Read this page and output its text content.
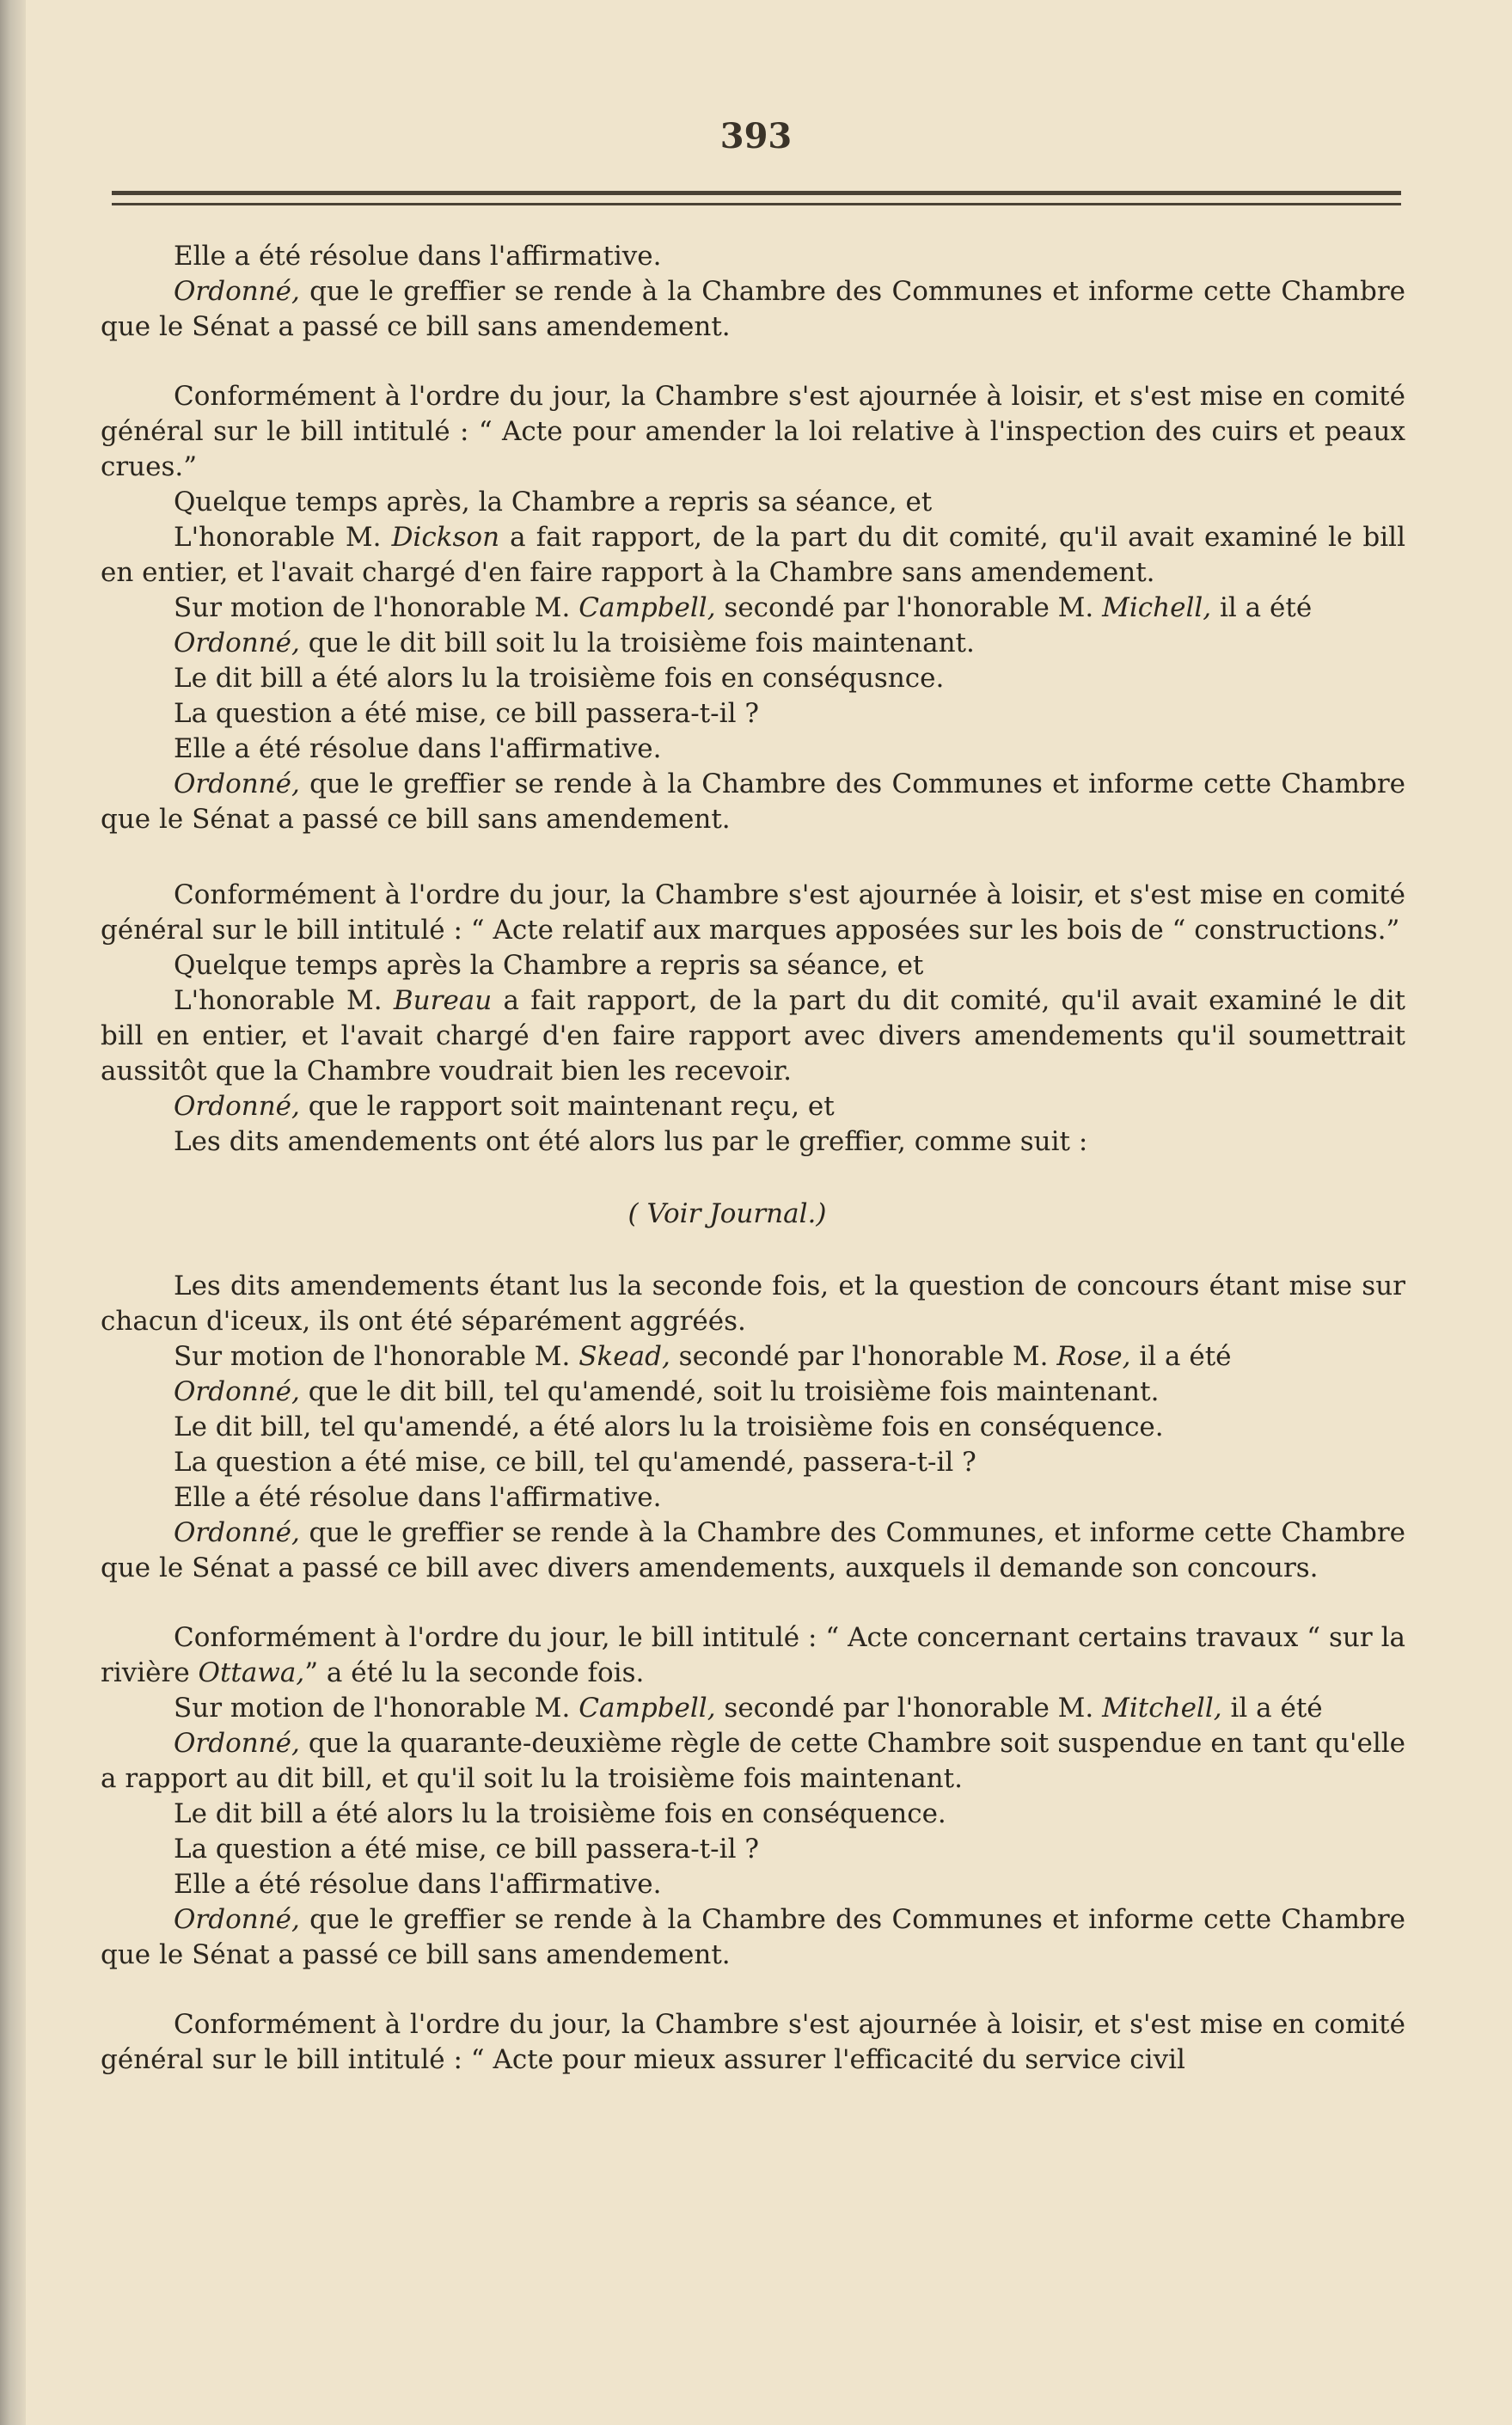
393

Elle a été résolue dans l'affirmative.

Ordonné, que le greffier se rende à la Chambre des Communes et informe cette Chambre que le Sénat a passé ce bill sans amendement.

Conformément à l'ordre du jour, la Chambre s'est ajournée à loisir, et s'est mise en comité général sur le bill intitulé : “ Acte pour amender la loi relative à l'inspection des cuirs et peaux crues.”

Quelque temps après, la Chambre a repris sa séance, et

L'honorable M. Dickson a fait rapport, de la part du dit comité, qu'il avait examiné le bill en entier, et l'avait chargé d'en faire rapport à la Chambre sans amendement.

Sur motion de l'honorable M. Campbell, secondé par l'honorable M. Michell, il a été

Ordonné, que le dit bill soit lu la troisième fois maintenant.

Le dit bill a été alors lu la troisième fois en conséqusnce.

La question a été mise, ce bill passera-t-il ?

Elle a été résolue dans l'affirmative.

Ordonné, que le greffier se rende à la Chambre des Communes et informe cette Chambre que le Sénat a passé ce bill sans amendement.

Conformément à l'ordre du jour, la Chambre s'est ajournée à loisir, et s'est mise en comité général sur le bill intitulé : “ Acte relatif aux marques apposées sur les bois de “ constructions.”

Quelque temps après la Chambre a repris sa séance, et

L'honorable M. Bureau a fait rapport, de la part du dit comité, qu'il avait examiné le dit bill en entier, et l'avait chargé d'en faire rapport avec divers amendements qu'il soumettrait aussitôt que la Chambre voudrait bien les recevoir.

Ordonné, que le rapport soit maintenant reçu, et

Les dits amendements ont été alors lus par le greffier, comme suit :

( Voir Journal.)

Les dits amendements étant lus la seconde fois, et la question de concours étant mise sur chacun d'iceux, ils ont été séparément aggréés.

Sur motion de l'honorable M. Skead, secondé par l'honorable M. Rose, il a été

Ordonné, que le dit bill, tel qu'amendé, soit lu troisième fois maintenant.

Le dit bill, tel qu'amendé, a été alors lu la troisième fois en conséquence.

La question a été mise, ce bill, tel qu'amendé, passera-t-il ?

Elle a été résolue dans l'affirmative.

Ordonné, que le greffier se rende à la Chambre des Communes, et informe cette Chambre que le Sénat a passé ce bill avec divers amendements, auxquels il demande son concours.

Conformément à l'ordre du jour, le bill intitulé : “ Acte concernant certains travaux “ sur la rivière Ottawa,” a été lu la seconde fois.

Sur motion de l'honorable M. Campbell, secondé par l'honorable M. Mitchell, il a été

Ordonné, que la quarante-deuxième règle de cette Chambre soit suspendue en tant qu'elle a rapport au dit bill, et qu'il soit lu la troisième fois maintenant.

Le dit bill a été alors lu la troisième fois en conséquence.

La question a été mise, ce bill passera-t-il ?

Elle a été résolue dans l'affirmative.

Ordonné, que le greffier se rende à la Chambre des Communes et informe cette Chambre que le Sénat a passé ce bill sans amendement.

Conformément à l'ordre du jour, la Chambre s'est ajournée à loisir, et s'est mise en comité général sur le bill intitulé : “ Acte pour mieux assurer l'efficacité du service civil
